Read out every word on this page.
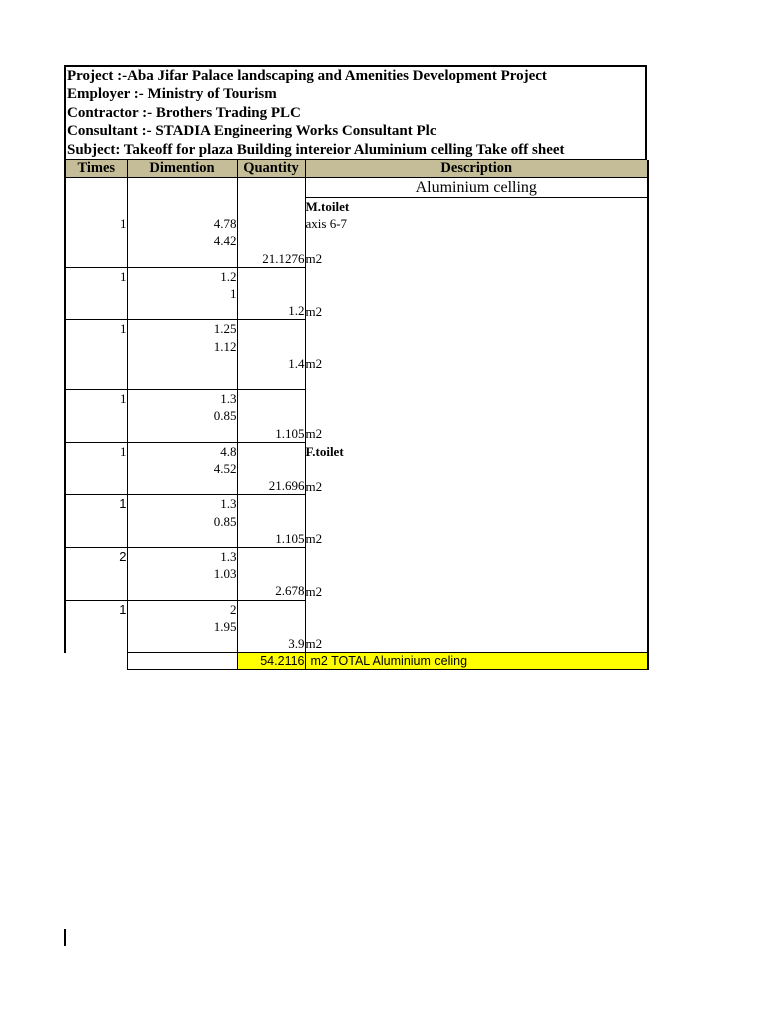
Project :-Aba Jifar Palace landscaping and Amenities Development Project
Employer :- Ministry of Tourism
Contractor :- Brothers Trading PLC
Consultant :- STADIA Engineering Works Consultant Plc
Subject: Takeoff for plaza Building intereior Aluminium celling Take off sheet
Times	Dimention	Quantity	Description
			Aluminium celling
			M.toilet
1	4.78		axis 6-7
	4.42		
		21.1276	m2
1	1.2		
	1		
		1.2	m2
1	1.25		
	1.12		
		1.4	m2

1	1.3		
	0.85		
		1.105	m2
1	4.8		F.toilet
	4.52		
		21.696	m2
1	1.3		
	0.85		
		1.105	m2
2	1.3		
	1.03		
		2.678	m2
1	2		
	1.95		
		3.9	m2
		54.2116	m2 TOTAL Aluminium celing
